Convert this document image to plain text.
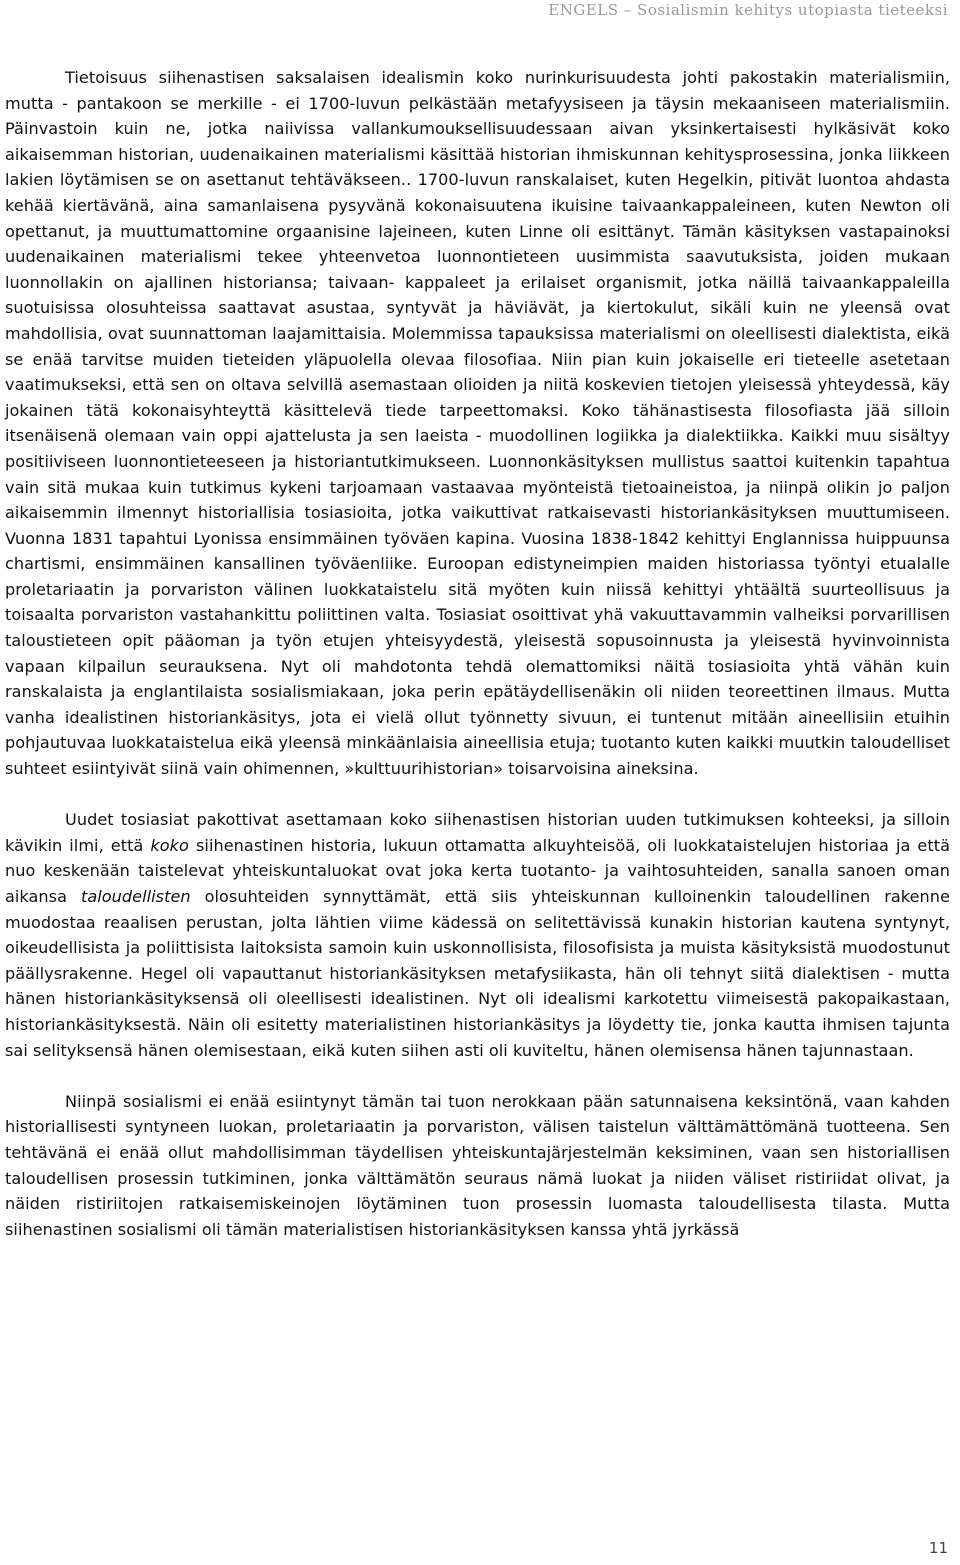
ENGELS – Sosialismin kehitys utopiasta tieteeksi

Tietoisuus siihenastisen saksalaisen idealismin koko nurinkurisuudesta johti pakostakin materialismiin, mutta - pantakoon se merkille - ei 1700-luvun pelkästään metafyysiseen ja täysin mekaaniseen materialismiin. Päinvastoin kuin ne, jotka naiivissa vallankumouksellisuudessaan aivan yksinkertaisesti hylkäsivät koko aikaisemman historian, uudenaikainen materialismi käsittää historian ihmiskunnan kehitysprosessina, jonka liikkeen lakien löytämisen se on asettanut tehtäväkseen.. 1700-luvun ranskalaiset, kuten Hegelkin, pitivät luontoa ahdasta kehää kiertävänä, aina samanlaisena pysyvänä kokonaisuutena ikuisine taivaankappaleineen, kuten Newton oli opettanut, ja muuttumattomine orgaanisine lajeineen, kuten Linne oli esittänyt. Tämän käsityksen vastapainoksi uudenaikainen materialismi tekee yhteenvetoa luonnontieteen uusimmista saavutuksista, joiden mukaan luonnollakin on ajallinen historiansa; taivaan- kappaleet ja erilaiset organismit, jotka näillä taivaankappaleilla suotuisissa olosuhteissa saattavat asustaa, syntyvät ja häviävät, ja kiertokulut, sikäli kuin ne yleensä ovat mahdollisia, ovat suunnattoman laajamittaisia. Molemmissa tapauksissa materialismi on oleellisesti dialektista, eikä se enää tarvitse muiden tieteiden yläpuolella olevaa filosofiaa. Niin pian kuin jokaiselle eri tieteelle asetetaan vaatimukseksi, että sen on oltava selvillä asemastaan olioiden ja niitä koskevien tietojen yleisessä yhteydessä, käy jokainen tätä kokonaisyhteyttä käsittelevä tiede tarpeettomaksi. Koko tähänastisesta filosofiasta jää silloin itsenäisenä olemaan vain oppi ajattelusta ja sen laeista - muodollinen logiikka ja dialektiikka. Kaikki muu sisältyy positiiviseen luonnontieteeseen ja historiantutkimukseen. Luonnonkäsityksen mullistus saattoi kuitenkin tapahtua vain sitä mukaa kuin tutkimus kykeni tarjoamaan vastaavaa myönteistä tietoaineistoa, ja niinpä olikin jo paljon aikaisemmin ilmennyt historiallisia tosiasioita, jotka vaikuttivat ratkaisevasti historiankäsityksen muuttumiseen. Vuonna 1831 tapahtui Lyonissa ensimmäinen työväen kapina. Vuosina 1838-1842 kehittyi Englannissa huippuunsa chartismi, ensimmäinen kansallinen työväenliike. Euroopan edistyneimpien maiden historiassa työntyi etualalle proletariaatin ja porvariston välinen luokkataistelu sitä myöten kuin niissä kehittyi yhtäältä suurteollisuus ja toisaalta porvariston vastahankittu poliittinen valta. Tosiasiat osoittivat yhä vakuuttavammin valheiksi porvarillisen taloustieteen opit pääoman ja työn etujen yhteisyydestä, yleisestä sopusoinnusta ja yleisestä hyvinvoinnista vapaan kilpailun seurauksena. Nyt oli mahdotonta tehdä olemattomiksi näitä tosiasioita yhtä vähän kuin ranskalaista ja englantilaista sosialismiakaan, joka perin epätäydellisenäkin oli niiden teoreettinen ilmaus. Mutta vanha idealistinen historiankäsitys, jota ei vielä ollut työnnetty sivuun, ei tuntenut mitään aineellisiin etuihin pohjautuvaa luokkataistelua eikä yleensä minkäänlaisia aineellisia etuja; tuotanto kuten kaikki muutkin taloudelliset suhteet esiintyivät siinä vain ohimennen, »kulttuurihistorian» toisarvoisina aineksina.

Uudet tosiasiat pakottivat asettamaan koko siihenastisen historian uuden tutkimuksen kohteeksi, ja silloin kävikin ilmi, että koko siihenastinen historia, lukuun ottamatta alkuyhteisöä, oli luokkataistelujen historiaa ja että nuo keskenään taistelevat yhteiskuntaluokat ovat joka kerta tuotanto- ja vaihtosuhteiden, sanalla sanoen oman aikansa taloudellisten olosuhteiden synnyttämät, että siis yhteiskunnan kulloinenkin taloudellinen rakenne muodostaa reaalisen perustan, jolta lähtien viime kädessä on selitettävissä kunakin historian kautena syntynyt, oikeudellisista ja poliittisista laitoksista samoin kuin uskonnollisista, filosofisista ja muista käsityksistä muodostunut päällysrakenne. Hegel oli vapauttanut historiankäsityksen metafysiikasta, hän oli tehnyt siitä dialektisen - mutta hänen historiankäsityksensä oli oleellisesti idealistinen. Nyt oli idealismi karkotettu viimeisestä pakopaikastaan, historiankäsityksestä. Näin oli esitetty materialistinen historiankäsitys ja löydetty tie, jonka kautta ihmisen tajunta sai selityksensä hänen olemisestaan, eikä kuten siihen asti oli kuviteltu, hänen olemisensa hänen tajunnastaan.

Niinpä sosialismi ei enää esiintynyt tämän tai tuon nerokkaan pään satunnaisena keksintönä, vaan kahden historiallisesti syntyneen luokan, proletariaatin ja porvariston, välisen taistelun välttämättömänä tuotteena. Sen tehtävänä ei enää ollut mahdollisimman täydellisen yhteiskuntajärjestelmän keksiminen, vaan sen historiallisen taloudellisen prosessin tutkiminen, jonka välttämätön seuraus nämä luokat ja niiden väliset ristiriidat olivat, ja näiden ristiriitojen ratkaisemiskeinojen löytäminen tuon prosessin luomasta taloudellisesta tilasta. Mutta siihenastinen sosialismi oli tämän materialistisen historiankäsityksen kanssa yhtä jyrkässä

11
